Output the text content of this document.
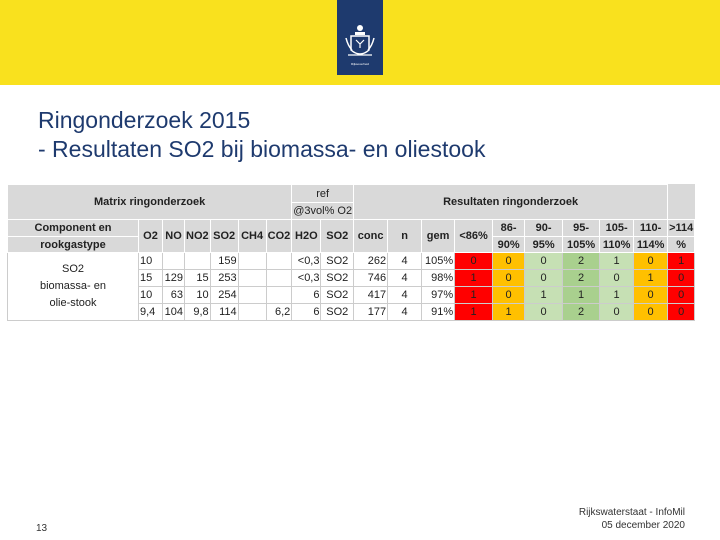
Rijksoverheid
Ringonderzoek 2015
- Resultaten SO2 bij biomassa- en oliestook
Matrix ringonderzoek							ref		Resultaten ringonderzoek									
							@3vol% O2											
Component en	O2	NO	NO2	SO2	CH4	CO2	H2O	SO2	conc	n	gem	<86%	86-	90-	95-	105-	110-	>114
rookgastype													90%	95%	105%	110%	114%	%

SO2
biomassa- en
olie-stook	10			159			<0,3	SO2	262	4	105%	0	0	0	2	1	0	1
	15	129	15	253			<0,3	SO2	746	4	98%	1	0	0	2	0	1	0
	10	63	10	254			6	SO2	417	4	97%	1	0	1	1	1	0	0
	9,4	104	9,8	114		6,2	6	SO2	177	4	91%	1	1	0	2	0	0	0
13
Rijkswaterstaat - InfoMil
05 december 2020
